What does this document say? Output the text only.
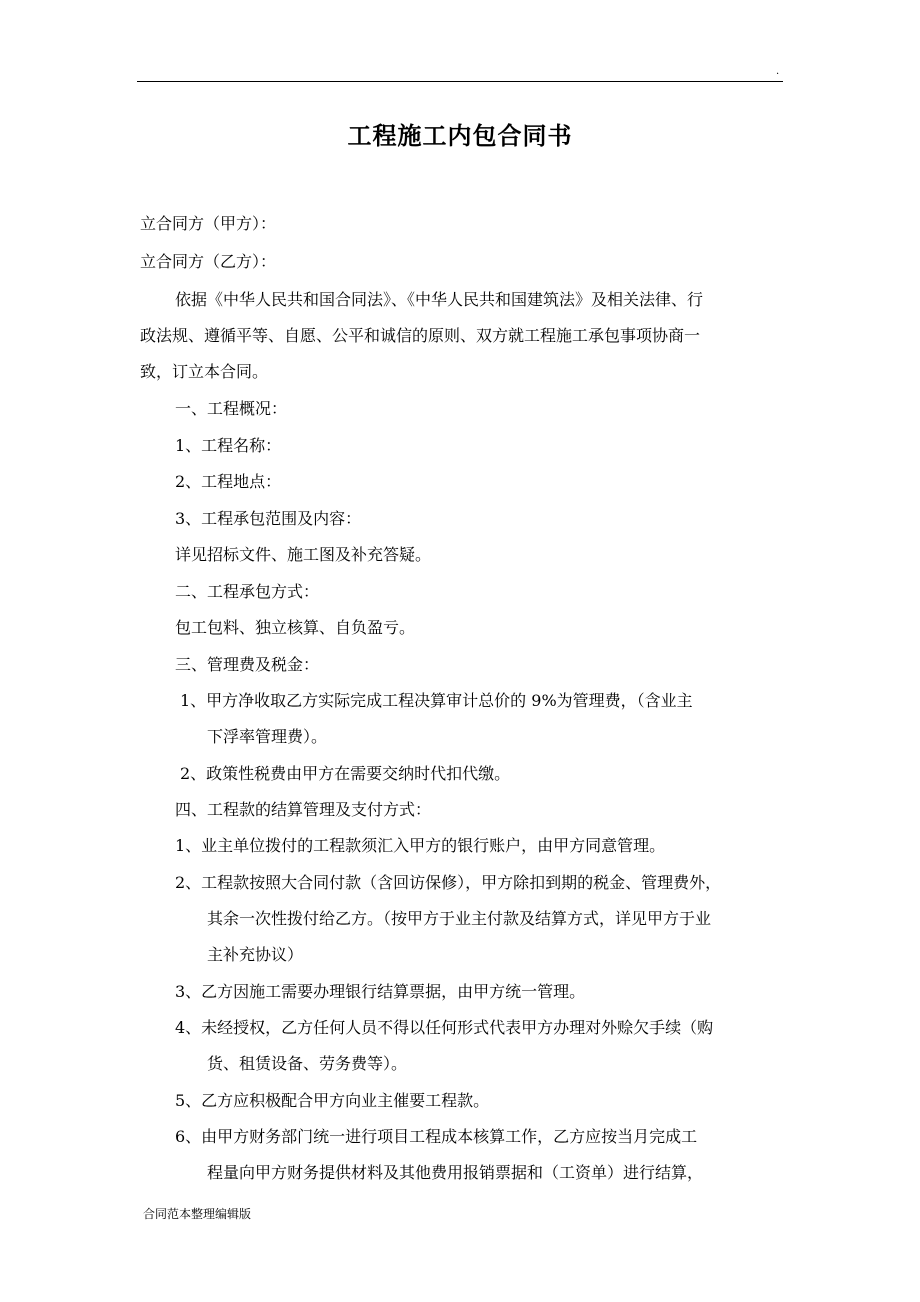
.
工程施工内包合同书
立合同方（甲方）：
立合同方（乙方）：
依据《中华人民共和国合同法》、《中华人民共和国建筑法》及相关法律、行
政法规、遵循平等、自愿、公平和诚信的原则、双方就工程施工承包事项协商一
致，订立本合同。
一、工程概况：
1、工程名称：
2、工程地点：
3、工程承包范围及内容：
详见招标文件、施工图及补充答疑。
二、工程承包方式：
包工包料、独立核算、自负盈亏。
三、管理费及税金：
1、甲方净收取乙方实际完成工程决算审计总价的 9%为管理费，（含业主
下浮率管理费）。
2、政策性税费由甲方在需要交纳时代扣代缴。
四、工程款的结算管理及支付方式：
1、业主单位拨付的工程款须汇入甲方的银行账户，由甲方同意管理。
2、工程款按照大合同付款（含回访保修），甲方除扣到期的税金、管理费外，
其余一次性拨付给乙方。（按甲方于业主付款及结算方式，详见甲方于业
主补充协议）
3、乙方因施工需要办理银行结算票据，由甲方统一管理。
4、未经授权，乙方任何人员不得以任何形式代表甲方办理对外赊欠手续（购
货、租赁设备、劳务费等）。
5、乙方应积极配合甲方向业主催要工程款。
6、由甲方财务部门统一进行项目工程成本核算工作，乙方应按当月完成工
程量向甲方财务提供材料及其他费用报销票据和（工资单）进行结算，
合同范本整理编辑版
